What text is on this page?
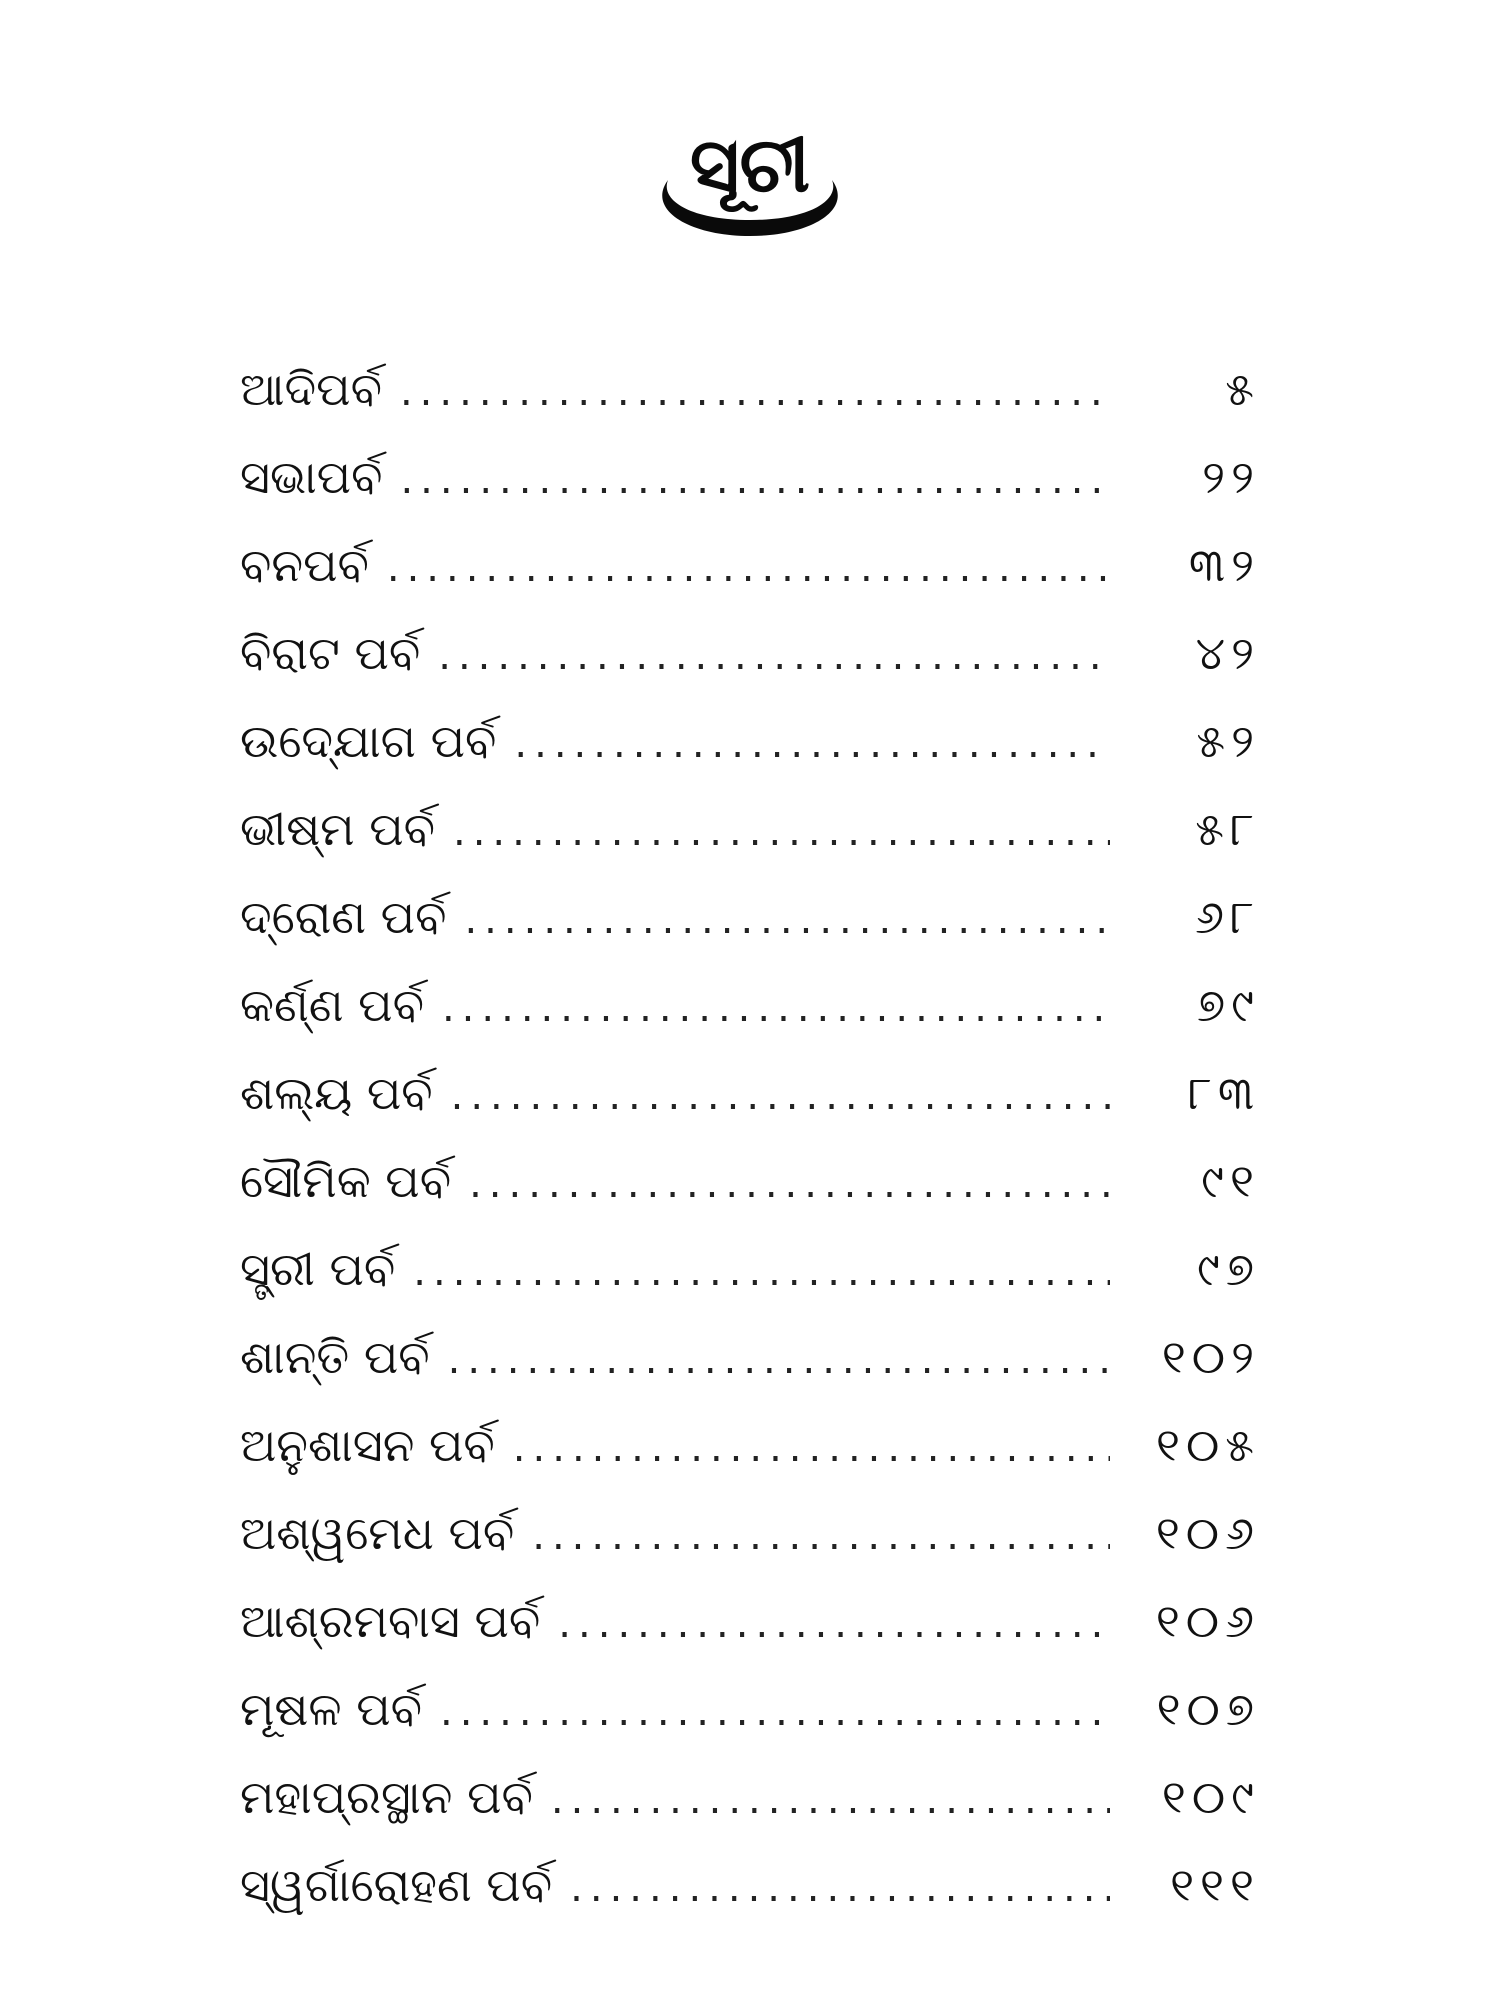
ସୂଚୀ
ଆଦିପର୍ବ .....	୫
ସଭାପର୍ବ .....	୨୨
ବନପର୍ବ .....	୩୨
ବିରାଟ ପର୍ବ .....	୪୨
ଉଦ୍ଯୋଗ ପର୍ବ .....	୫୨
ଭୀଷ୍ମ ପର୍ବ .....	୫୮
ଦ୍ରୋଣ ପର୍ବ .....	୬୮
କର୍ଣ୍ଣ ପର୍ବ .....	୭୯
ଶଲ୍ୟ ପର୍ବ .....	୮୩
ସୌମିକ ପର୍ବ .....	୯୧
ସ୍ତ୍ରୀ ପର୍ବ .....	୯୭
ଶାନ୍ତି ପର୍ବ .....	୧୦୨
ଅନୁଶାସନ ପର୍ବ .....	୧୦୫
ଅଶ୍ୱମେଧ ପର୍ବ .....	୧୦୬
ଆଶ୍ରମବାସ ପର୍ବ .....	୧୦୬
ମୂଷଳ ପର୍ବ .....	୧୦୭
ମହାପ୍ରସ୍ଥାନ ପର୍ବ .....	୧୦୯
ସ୍ୱର୍ଗାରୋହଣ ପର୍ବ .....	୧୧୧
